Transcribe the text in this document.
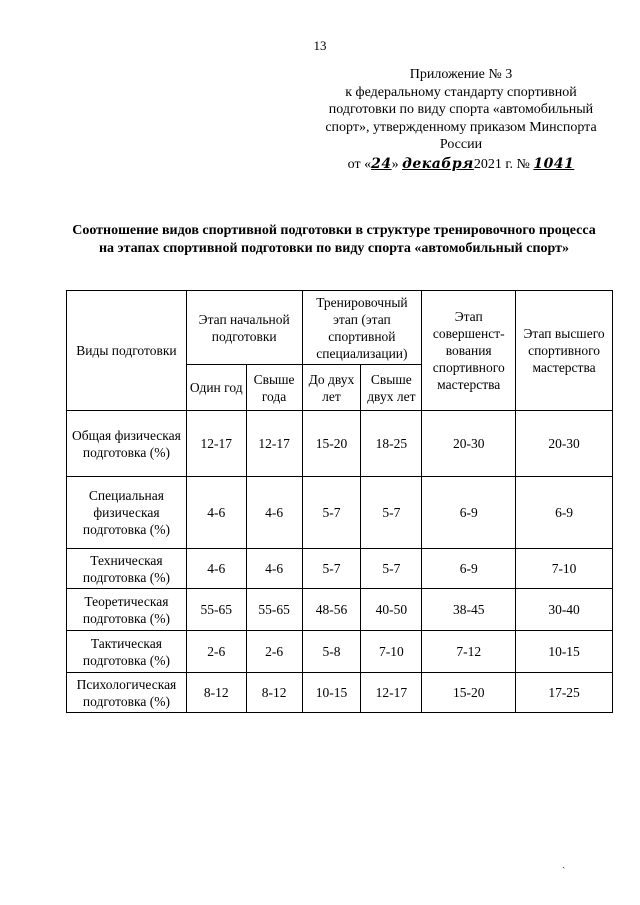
13
Приложение № 3
к федеральному стандарту спортивной
подготовки по виду спорта «автомобильный
спорт», утвержденному приказом Минспорта
России
от «24» декабря2021 г. № 1041
Соотношение видов спортивной подготовки в структуре тренировочного процесса на этапах спортивной подготовки по виду спорта «автомобильный спорт»
Виды подготовки	Этап начальной подготовки		Тренировочный этап (этап спортивной специализации)		Этап совершенст- вования спортивного мастерства	Этап высшего спортивного мастерства
	Один год	Свыше года	До двух лет	Свыше двух лет		
Общая физическая подготовка (%)	12-17	12-17	15-20	18-25	20-30	20-30
Специальная физическая подготовка (%)	4-6	4-6	5-7	5-7	6-9	6-9
Техническая подготовка (%)	4-6	4-6	5-7	5-7	6-9	7-10
Теоретическая подготовка (%)	55-65	55-65	48-56	40-50	38-45	30-40
Тактическая подготовка (%)	2-6	2-6	5-8	7-10	7-12	10-15
Психологическая подготовка (%)	8-12	8-12	10-15	12-17	15-20	17-25
ˏ
